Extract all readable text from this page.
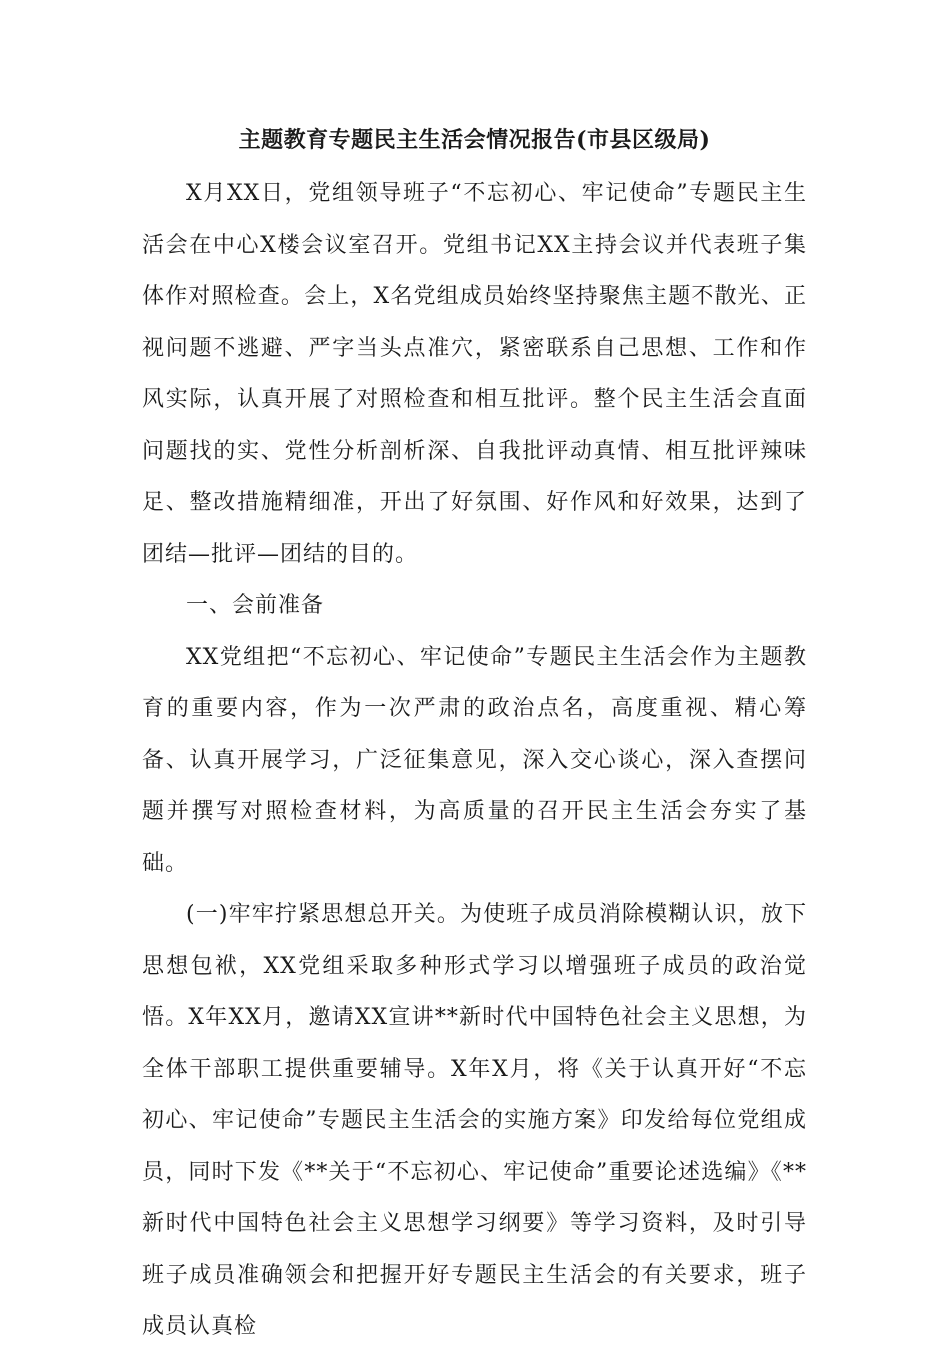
主题教育专题民主生活会情况报告(市县区级局)

X月XX日，党组领导班子“不忘初心、牢记使命”专题民主生活会在中心X楼会议室召开。党组书记XX主持会议并代表班子集体作对照检查。会上，X名党组成员始终坚持聚焦主题不散光、正视问题不逃避、严字当头点准穴，紧密联系自己思想、工作和作风实际，认真开展了对照检查和相互批评。整个民主生活会直面问题找的实、党性分析剖析深、自我批评动真情、相互批评辣味足、整改措施精细准，开出了好氛围、好作风和好效果，达到了团结—批评—团结的目的。

一、会前准备

XX党组把“不忘初心、牢记使命”专题民主生活会作为主题教育的重要内容，作为一次严肃的政治点名，高度重视、精心筹备、认真开展学习，广泛征集意见，深入交心谈心，深入查摆问题并撰写对照检查材料，为高质量的召开民主生活会夯实了基础。

(一)牢牢拧紧思想总开关。为使班子成员消除模糊认识，放下思想包袱，XX党组采取多种形式学习以增强班子成员的政治觉悟。X年XX月，邀请XX宣讲**新时代中国特色社会主义思想，为全体干部职工提供重要辅导。X年X月，将《关于认真开好“不忘初心、牢记使命”专题民主生活会的实施方案》印发给每位党组成员，同时下发《**关于“不忘初心、牢记使命”重要论述选编》《**新时代中国特色社会主义思想学习纲要》等学习资料，及时引导班子成员准确领会和把握开好专题民主生活会的有关要求，班子成员认真检
